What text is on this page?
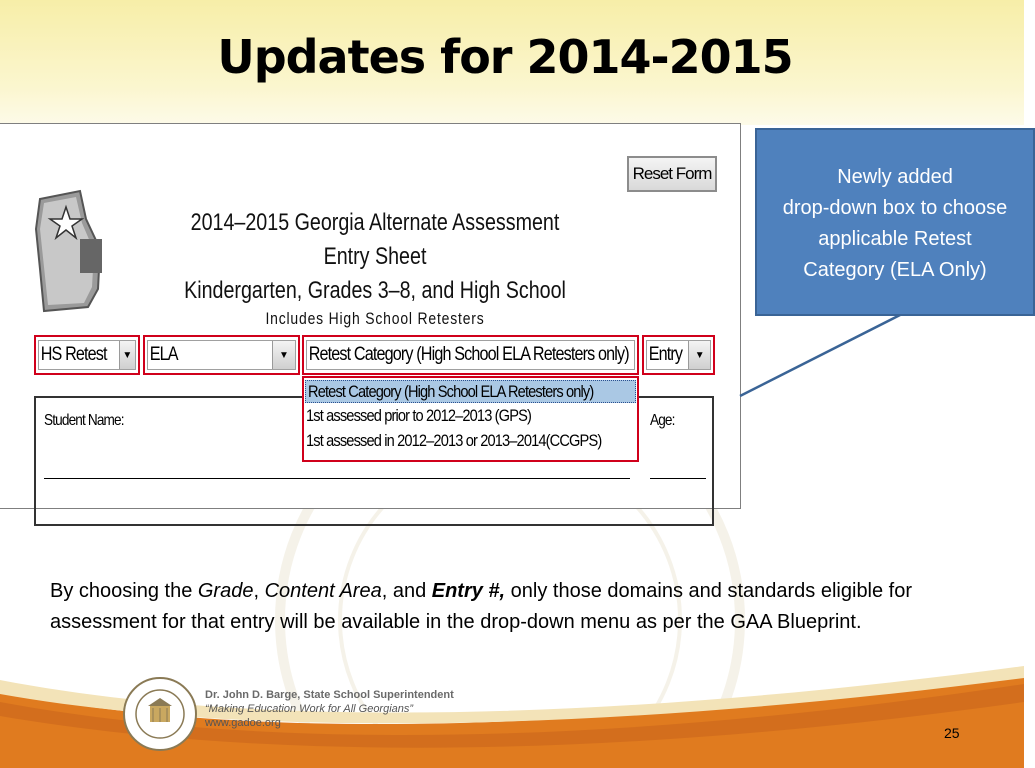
Updates for 2014-2015
Reset Form
2014–2015 Georgia Alternate Assessment Entry Sheet
Kindergarten, Grades 3–8, and High School
Includes High School Retesters
HS Retest	▼ ELA	▼	Retest Category (High School ELA Retesters only) Entry	▼
Student Name:	Age:
Retest Category (High School ELA Retesters only)
1st assessed prior to 2012–2013 (GPS)
1st assessed in 2012–2013 or 2013–2014(CCGPS)
Newly added
drop-down box to choose
applicable Retest
Category (ELA Only)
By choosing the Grade, Content Area, and Entry #, only those domains and standards eligible for assessment for that entry will be available in the drop-down menu as per the GAA Blueprint.
Dr. John D. Barge, State School Superintendent
“Making Education Work for All Georgians”
www.gadoe.org
25
